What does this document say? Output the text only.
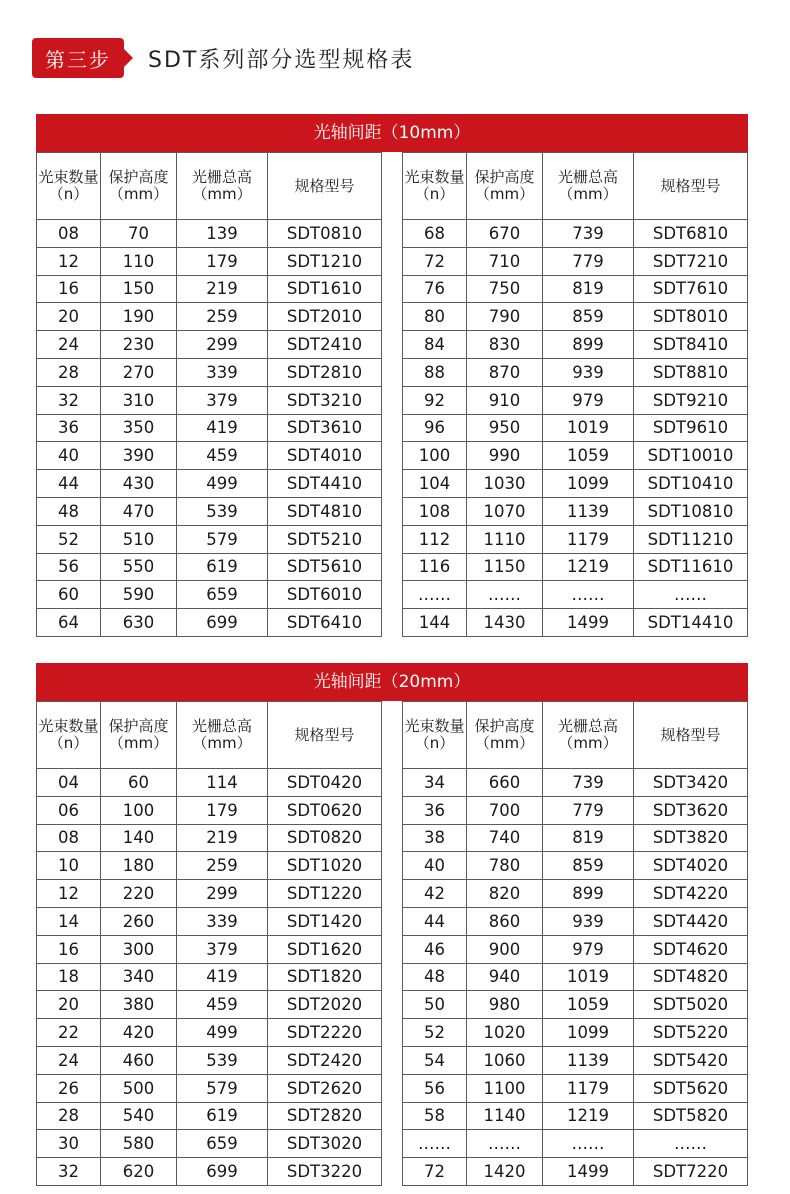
第三步	SDT系列部分选型规格表
光轴间距（10mm）
光束数量（n）	保护高度（mm）	光栅总高（mm）	规格型号
08	70	139	SDT0810
12	110	179	SDT1210
16	150	219	SDT1610
20	190	259	SDT2010
24	230	299	SDT2410
28	270	339	SDT2810
32	310	379	SDT3210
36	350	419	SDT3610
40	390	459	SDT4010
44	430	499	SDT4410
48	470	539	SDT4810
52	510	579	SDT5210
56	550	619	SDT5610
60	590	659	SDT6010
64	630	699	SDT6410
光束数量（n）	保护高度（mm）	光栅总高（mm）	规格型号
68	670	739	SDT6810
72	710	779	SDT7210
76	750	819	SDT7610
80	790	859	SDT8010
84	830	899	SDT8410
88	870	939	SDT8810
92	910	979	SDT9210
96	950	1019	SDT9610
100	990	1059	SDT10010
104	1030	1099	SDT10410
108	1070	1139	SDT10810
112	1110	1179	SDT11210
116	1150	1219	SDT11610
……	……	……	……
144	1430	1499	SDT14410
光轴间距（20mm）
光束数量（n）	保护高度（mm）	光栅总高（mm）	规格型号
04	60	114	SDT0420
06	100	179	SDT0620
08	140	219	SDT0820
10	180	259	SDT1020
12	220	299	SDT1220
14	260	339	SDT1420
16	300	379	SDT1620
18	340	419	SDT1820
20	380	459	SDT2020
22	420	499	SDT2220
24	460	539	SDT2420
26	500	579	SDT2620
28	540	619	SDT2820
30	580	659	SDT3020
32	620	699	SDT3220
光束数量（n）	保护高度（mm）	光栅总高（mm）	规格型号
34	660	739	SDT3420
36	700	779	SDT3620
38	740	819	SDT3820
40	780	859	SDT4020
42	820	899	SDT4220
44	860	939	SDT4420
46	900	979	SDT4620
48	940	1019	SDT4820
50	980	1059	SDT5020
52	1020	1099	SDT5220
54	1060	1139	SDT5420
56	1100	1179	SDT5620
58	1140	1219	SDT5820
……	……	……	……
72	1420	1499	SDT7220
